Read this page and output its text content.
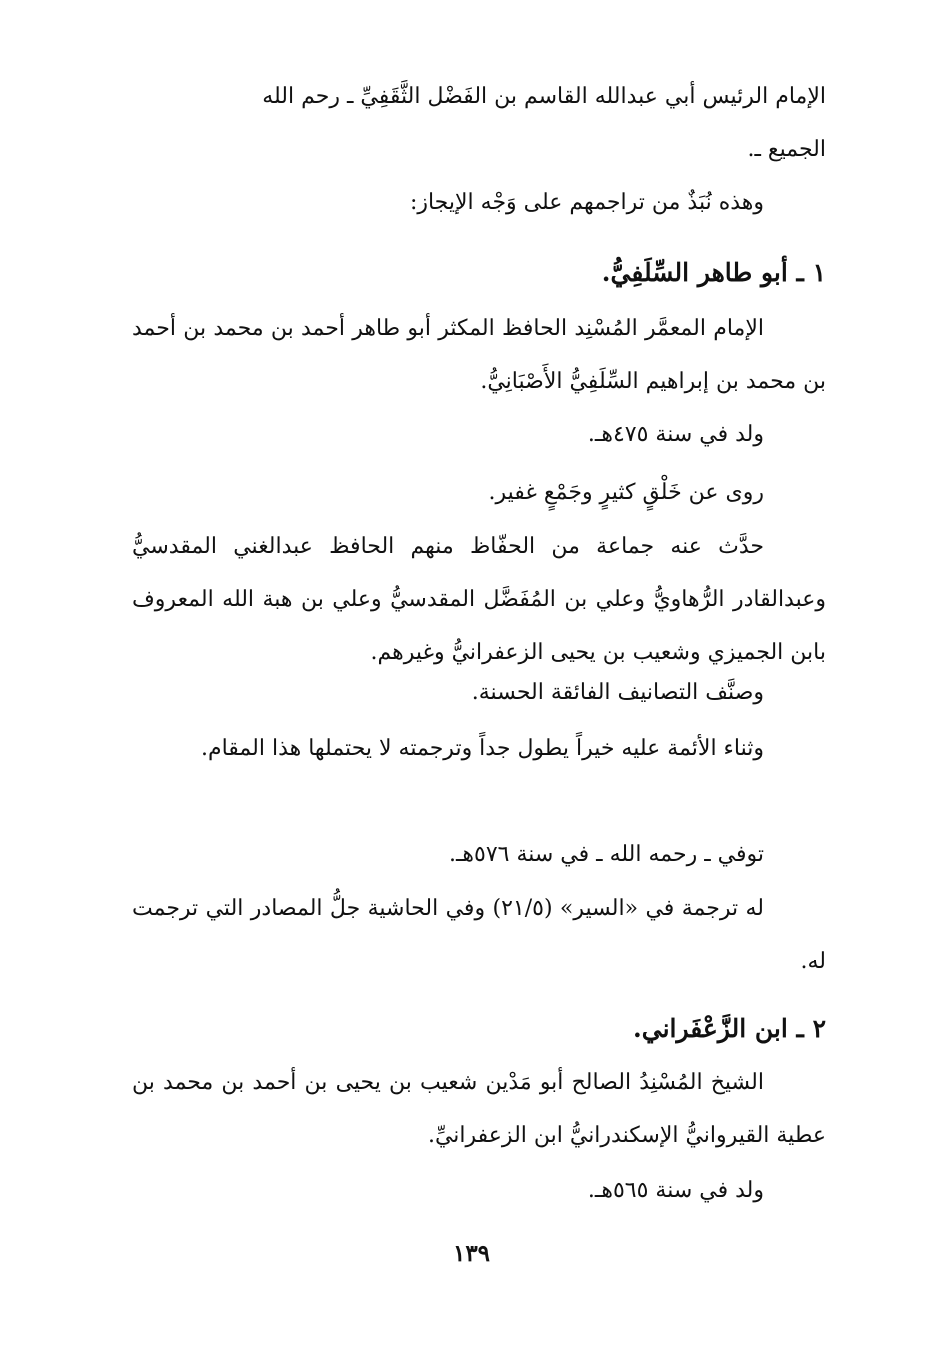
الإمام الرئيس أبي عبدالله القاسم بن الفَضْل الثَّقَفِيِّ ـ رحم الله
الجميع ـ.
وهذه نُبَذٌ من تراجمهم على وَجْه الإيجاز:
١ ـ أبو طاهر السِّلَفِيُّ.
الإمام المعمَّر المُسْنِد الحافظ المكثر أبو طاهر أحمد بن محمد بن أحمد بن محمد بن إبراهيم السِّلَفِيُّ الأَصْبَانِيُّ.
ولد في سنة ٤٧٥هـ.
روى عن خَلْقٍ كثيرٍ وجَمْعٍ غفير.
حدَّث عنه جماعة من الحفّاظ منهم الحافظ عبدالغني المقدسيُّ وعبدالقادر الرُّهاويُّ وعلي بن المُفَضَّل المقدسيُّ وعلي بن هبة الله المعروف بابن الجميزي وشعيب بن يحيى الزعفرانيُّ وغيرهم.
وصنَّف التصانيف الفائقة الحسنة.
وثناء الأئمة عليه خيراً يطول جداً وترجمته لا يحتملها هذا المقام.
توفي ـ رحمه الله ـ في سنة ٥٧٦هـ.
له ترجمة في «السير» (٢١/٥) وفي الحاشية جلُّ المصادر التي ترجمت له.
٢ ـ ابن الزَّعْفَراني.
الشيخ المُسْنِدُ الصالح أبو مَدْين شعيب بن يحيى بن أحمد بن محمد بن عطية القيروانيُّ الإسكندرانيُّ ابن الزعفرانيِّ.
ولد في سنة ٥٦٥هـ.
١٣٩
